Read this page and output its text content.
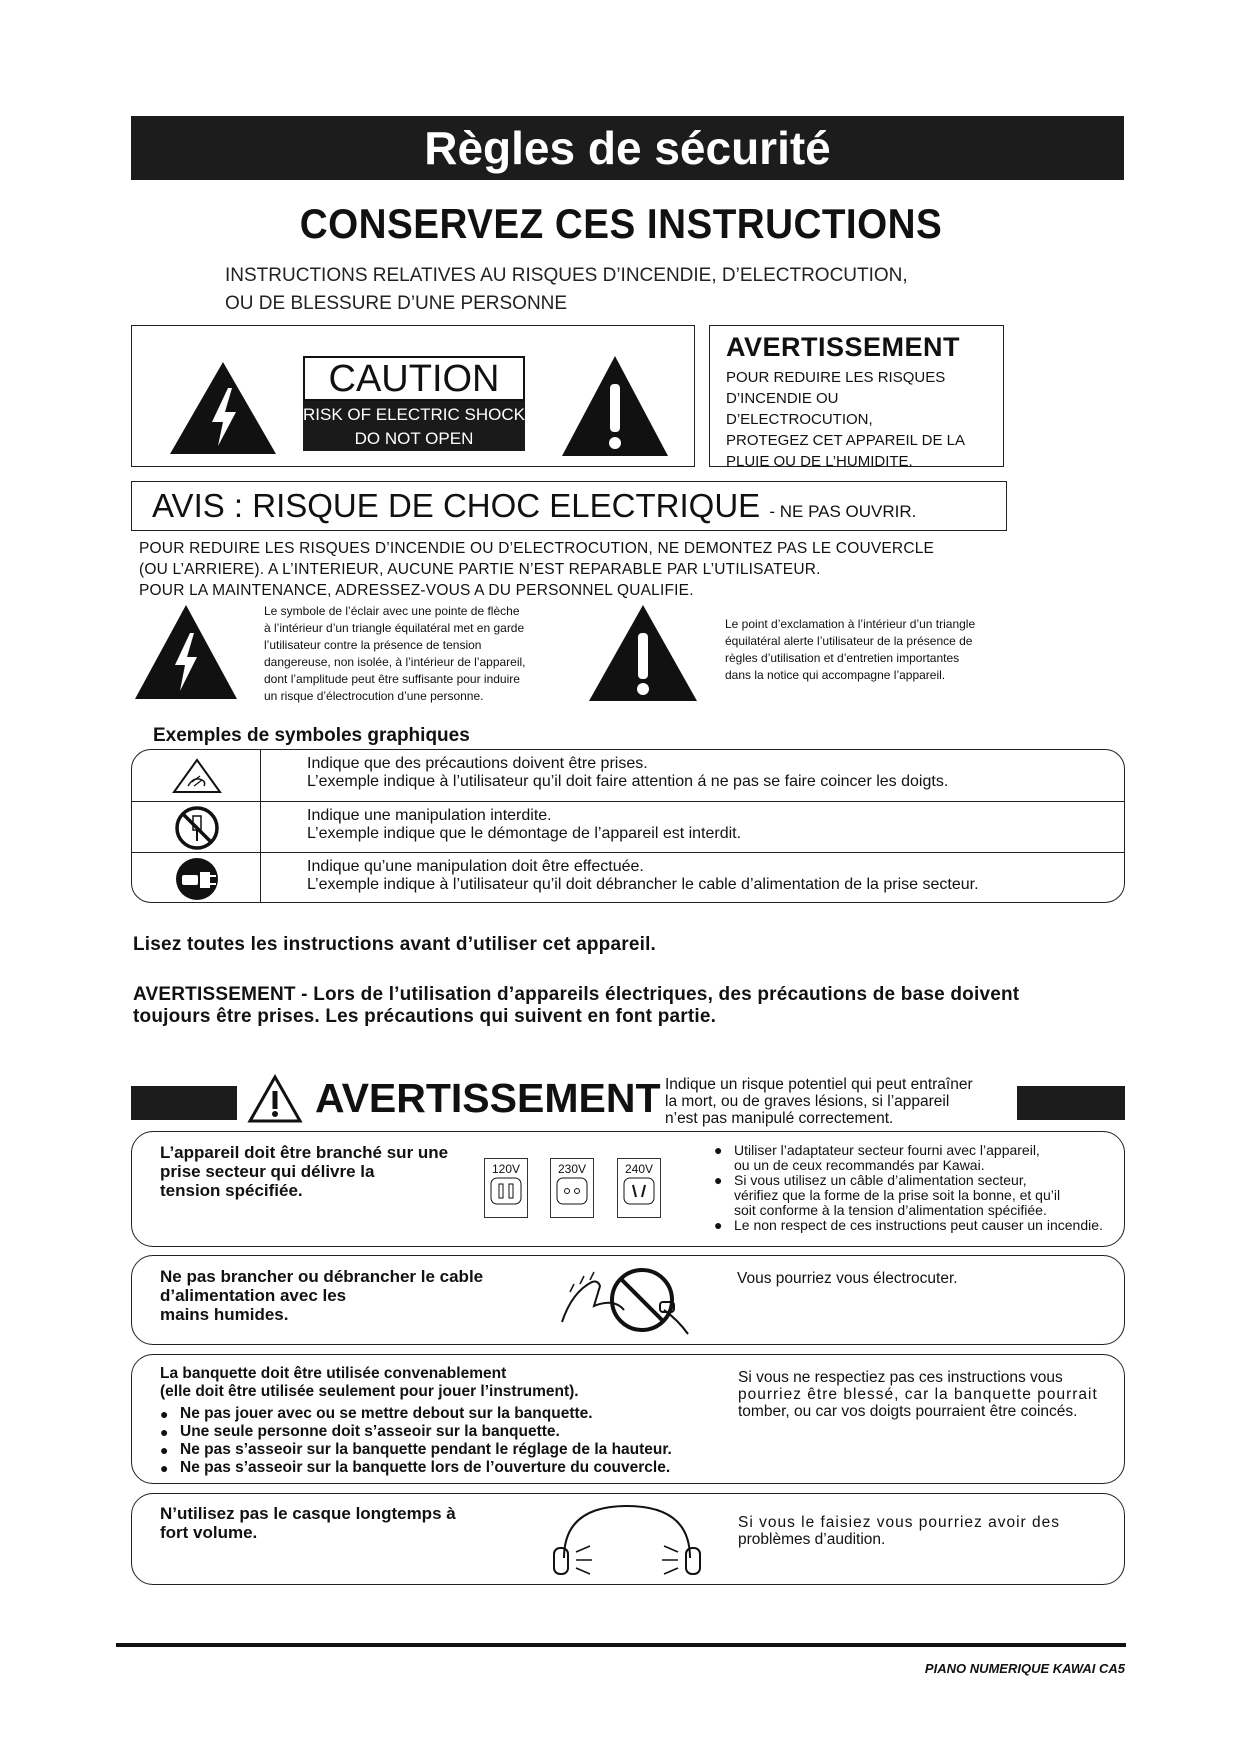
Règles de sécurité
CONSERVEZ CES INSTRUCTIONS
INSTRUCTIONS RELATIVES AU RISQUES D’INCENDIE, D’ELECTROCUTION,
OU DE BLESSURE D’UNE PERSONNE
CAUTION
RISK OF ELECTRIC SHOCK
DO NOT OPEN
AVERTISSEMENT

POUR REDUIRE LES RISQUES

D’INCENDIE OU D’ELECTROCUTION,

PROTEGEZ CET APPAREIL DE LA

PLUIE OU DE L’HUMIDITE.

AVIS : RISQUE DE CHOC ELECTRIQUE - NE PAS OUVRIR.
POUR REDUIRE LES RISQUES D’INCENDIE OU D’ELECTROCUTION, NE DEMONTEZ PAS LE COUVERCLE
(OU L’ARRIERE). A L’INTERIEUR, AUCUNE PARTIE N’EST REPARABLE PAR L’UTILISATEUR.
POUR LA MAINTENANCE, ADRESSEZ-VOUS A DU PERSONNEL QUALIFIE.
Le symbole de l’éclair avec une pointe de flèche
à l’intérieur d’un triangle équilatéral met en garde
l’utilisateur contre la présence de tension
dangereuse, non isolée, à l’intérieur de l’appareil,
dont l’amplitude peut être suffisante pour induire
un risque d’électrocution d’une personne.
Le point d’exclamation à l’intérieur d’un triangle
équilatéral alerte l’utilisateur de la présence de
règles d’utilisation et d’entretien importantes
dans la notice qui accompagne l’appareil.
Exemples de symboles graphiques
Indique que des précautions doivent être prises.
L’exemple indique à l’utilisateur qu’il doit faire attention á ne pas se faire coincer les doigts.
Indique une manipulation interdite.
L’exemple indique que le démontage de l’appareil est interdit.
Indique qu’une manipulation doit être effectuée.
L’exemple indique à l’utilisateur qu’il doit débrancher le cable d’alimentation de la prise secteur.
Lisez toutes les instructions avant d’utiliser cet appareil.
AVERTISSEMENT - Lors de l’utilisation d’appareils électriques, des précautions de base doivent
toujours être prises. Les précautions qui suivent en font partie.
AVERTISSEMENT Indique un risque potentiel qui peut entraîner
la mort, ou de graves lésions, si l’appareil
n’est pas manipulé correctement.
L’appareil doit être branché sur une
prise secteur qui délivre la
tension spécifiée.
120V	230V	240V
● Utiliser l’adaptateur secteur fourni avec l’appareil,
ou un de ceux recommandés par Kawai.
● Si vous utilisez un câble d’alimentation secteur,
vérifiez que la forme de la prise soit la bonne, et qu’il
soit conforme à la tension d’alimentation spécifiée.
● Le non respect de ces instructions peut causer un incendie.
Ne pas brancher ou débrancher le cable
d’alimentation avec les
mains humides.
Vous pourriez vous électrocuter.
La banquette doit être utilisée convenablement
(elle doit être utilisée seulement pour jouer l’instrument).
● Ne pas jouer avec ou se mettre debout sur la banquette.
● Une seule personne doit s’asseoir sur la banquette.
● Ne pas s’asseoir sur la banquette pendant le réglage de la hauteur.
● Ne pas s’asseoir sur la banquette lors de l’ouverture du couvercle.
Si vous ne respectiez pas ces instructions vous
pourriez être blessé, car la banquette pourrait
tomber, ou car vos doigts pourraient être coincés.
N’utilisez pas le casque longtemps à
fort volume.
Si vous le faisiez vous pourriez avoir des
problèmes d’audition.
PIANO NUMERIQUE KAWAI CA5
